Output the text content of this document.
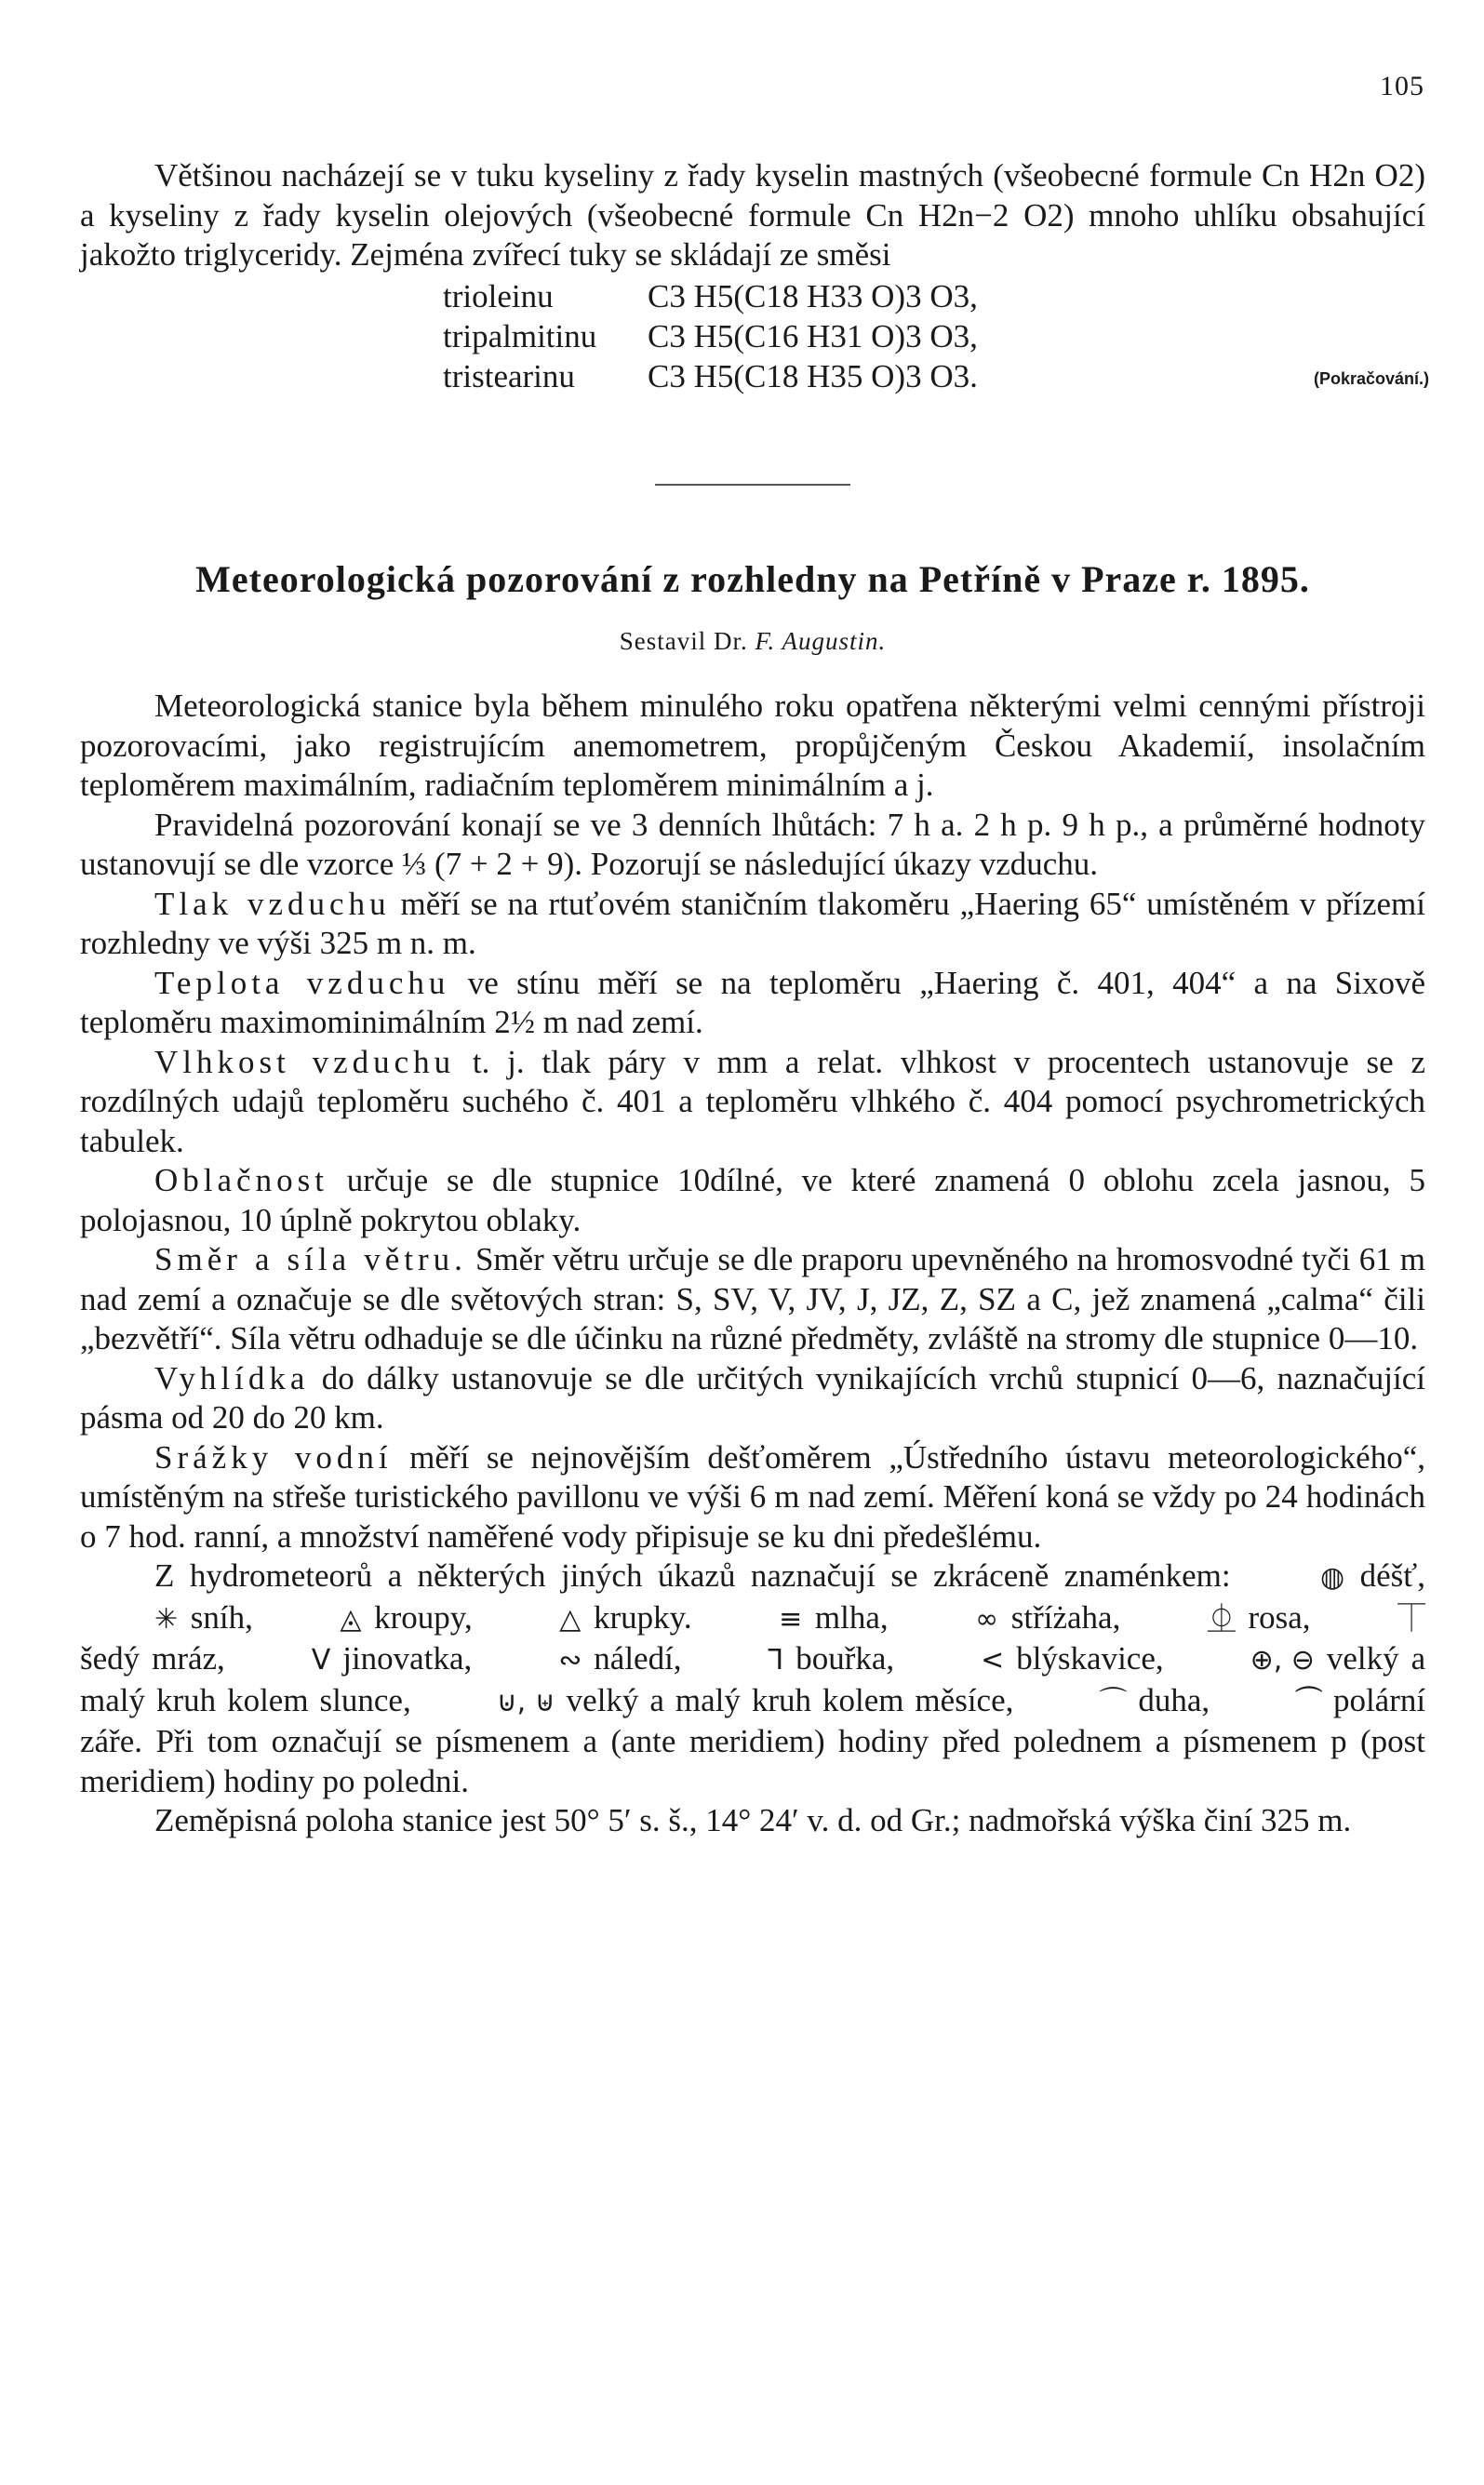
105

Většinou nacházejí se v tuku kyseliny z řady kyselin mastných (všeobecné formule Cn H2n O2) a kyseliny z řady kyselin olejových (všeobecné formule Cn H2n−2 O2) mnoho uhlíku obsahující jakožto triglyceridy. Zejména zvířecí tuky se skládají ze směsi

trioleinu	C3 H5(C18 H33 O)3 O3,
tripalmitinu C3 H5(C16 H31 O)3 O3,
tristearinu C3 H5(C18 H35 O)3 O3.	(Pokračování.)
Meteorologická pozorování z rozhledny na Petříně v Praze r. 1895.
Sestavil Dr. F. Augustin.

Meteorologická stanice byla během minulého roku opatřena některými velmi cennými přístroji pozorovacími, jako registrujícím anemometrem, propůjčeným Českou Akademií, insolačním teploměrem maximálním, radiačním teploměrem minimálním a j.

Pravidelná pozorování konají se ve 3 denních lhůtách: 7 h a. 2 h p. 9 h p., a průměrné hodnoty ustanovují se dle vzorce ⅓ (7 + 2 + 9). Pozorují se následující úkazy vzduchu.

Tlak vzduchu měří se na rtuťovém staničním tlakoměru „Haering 65“ umístěném v přízemí rozhledny ve výši 325 m n. m.

Teplota vzduchu ve stínu měří se na teploměru „Haering č. 401, 404“ a na Sixově teploměru maximominimálním 2½ m nad zemí.

Vlhkost vzduchu t. j. tlak páry v mm a relat. vlhkost v procentech ustanovuje se z rozdílných udajů teploměru suchého č. 401 a teploměru vlhkého č. 404 pomocí psychrometrických tabulek.

Oblačnost určuje se dle stupnice 10dílné, ve které znamená 0 oblohu zcela jasnou, 5 polojasnou, 10 úplně pokrytou oblaky.

Směr a síla větru. Směr větru určuje se dle praporu upevněného na hromosvodné tyči 61 m nad zemí a označuje se dle světových stran: S, SV, V, JV, J, JZ, Z, SZ a C, jež znamená „calma“ čili „bezvětří“. Síla větru odhaduje se dle účinku na různé předměty, zvláště na stromy dle stupnice 0—10.

Vyhlídka do dálky ustanovuje se dle určitých vynikajících vrchů stupnicí 0—6, naznačující pásma od 20 do 20 km.

Srážky vodní měří se nejnovějším dešťoměrem „Ústředního ústavu meteorologického“, umístěným na střeše turistického pavillonu ve výši 6 m nad zemí. Měření koná se vždy po 24 hodinách o 7 hod. ranní, a množství naměřené vody připisuje se ku dni předešlému.

Z hydrometeorů a některých jiných úkazů naznačují se zkráceně znaménkem:	◍ déšť, ✳ sníh,	◬ kroupy,	△ krupky.	≡ mlha,	∞ stříżaha,	⏂ rosa,	⏉ šedý mráz,	V jinovatka,	∾ náledí,	Ꞁ bouřka,	< blýskavice,	⊕, ⊖ velký a malý kruh kolem slunce,	⊍, ⊎ velký a malý kruh kolem měsíce,	⌒ duha,	⏜ polární záře. Při tom označují se písmenem a (ante meridiem) hodiny před polednem a písmenem p (post meridiem) hodiny po poledni.

Zeměpisná poloha stanice jest 50° 5′ s. š., 14° 24′ v. d. od Gr.; nadmořská výška činí 325 m.
